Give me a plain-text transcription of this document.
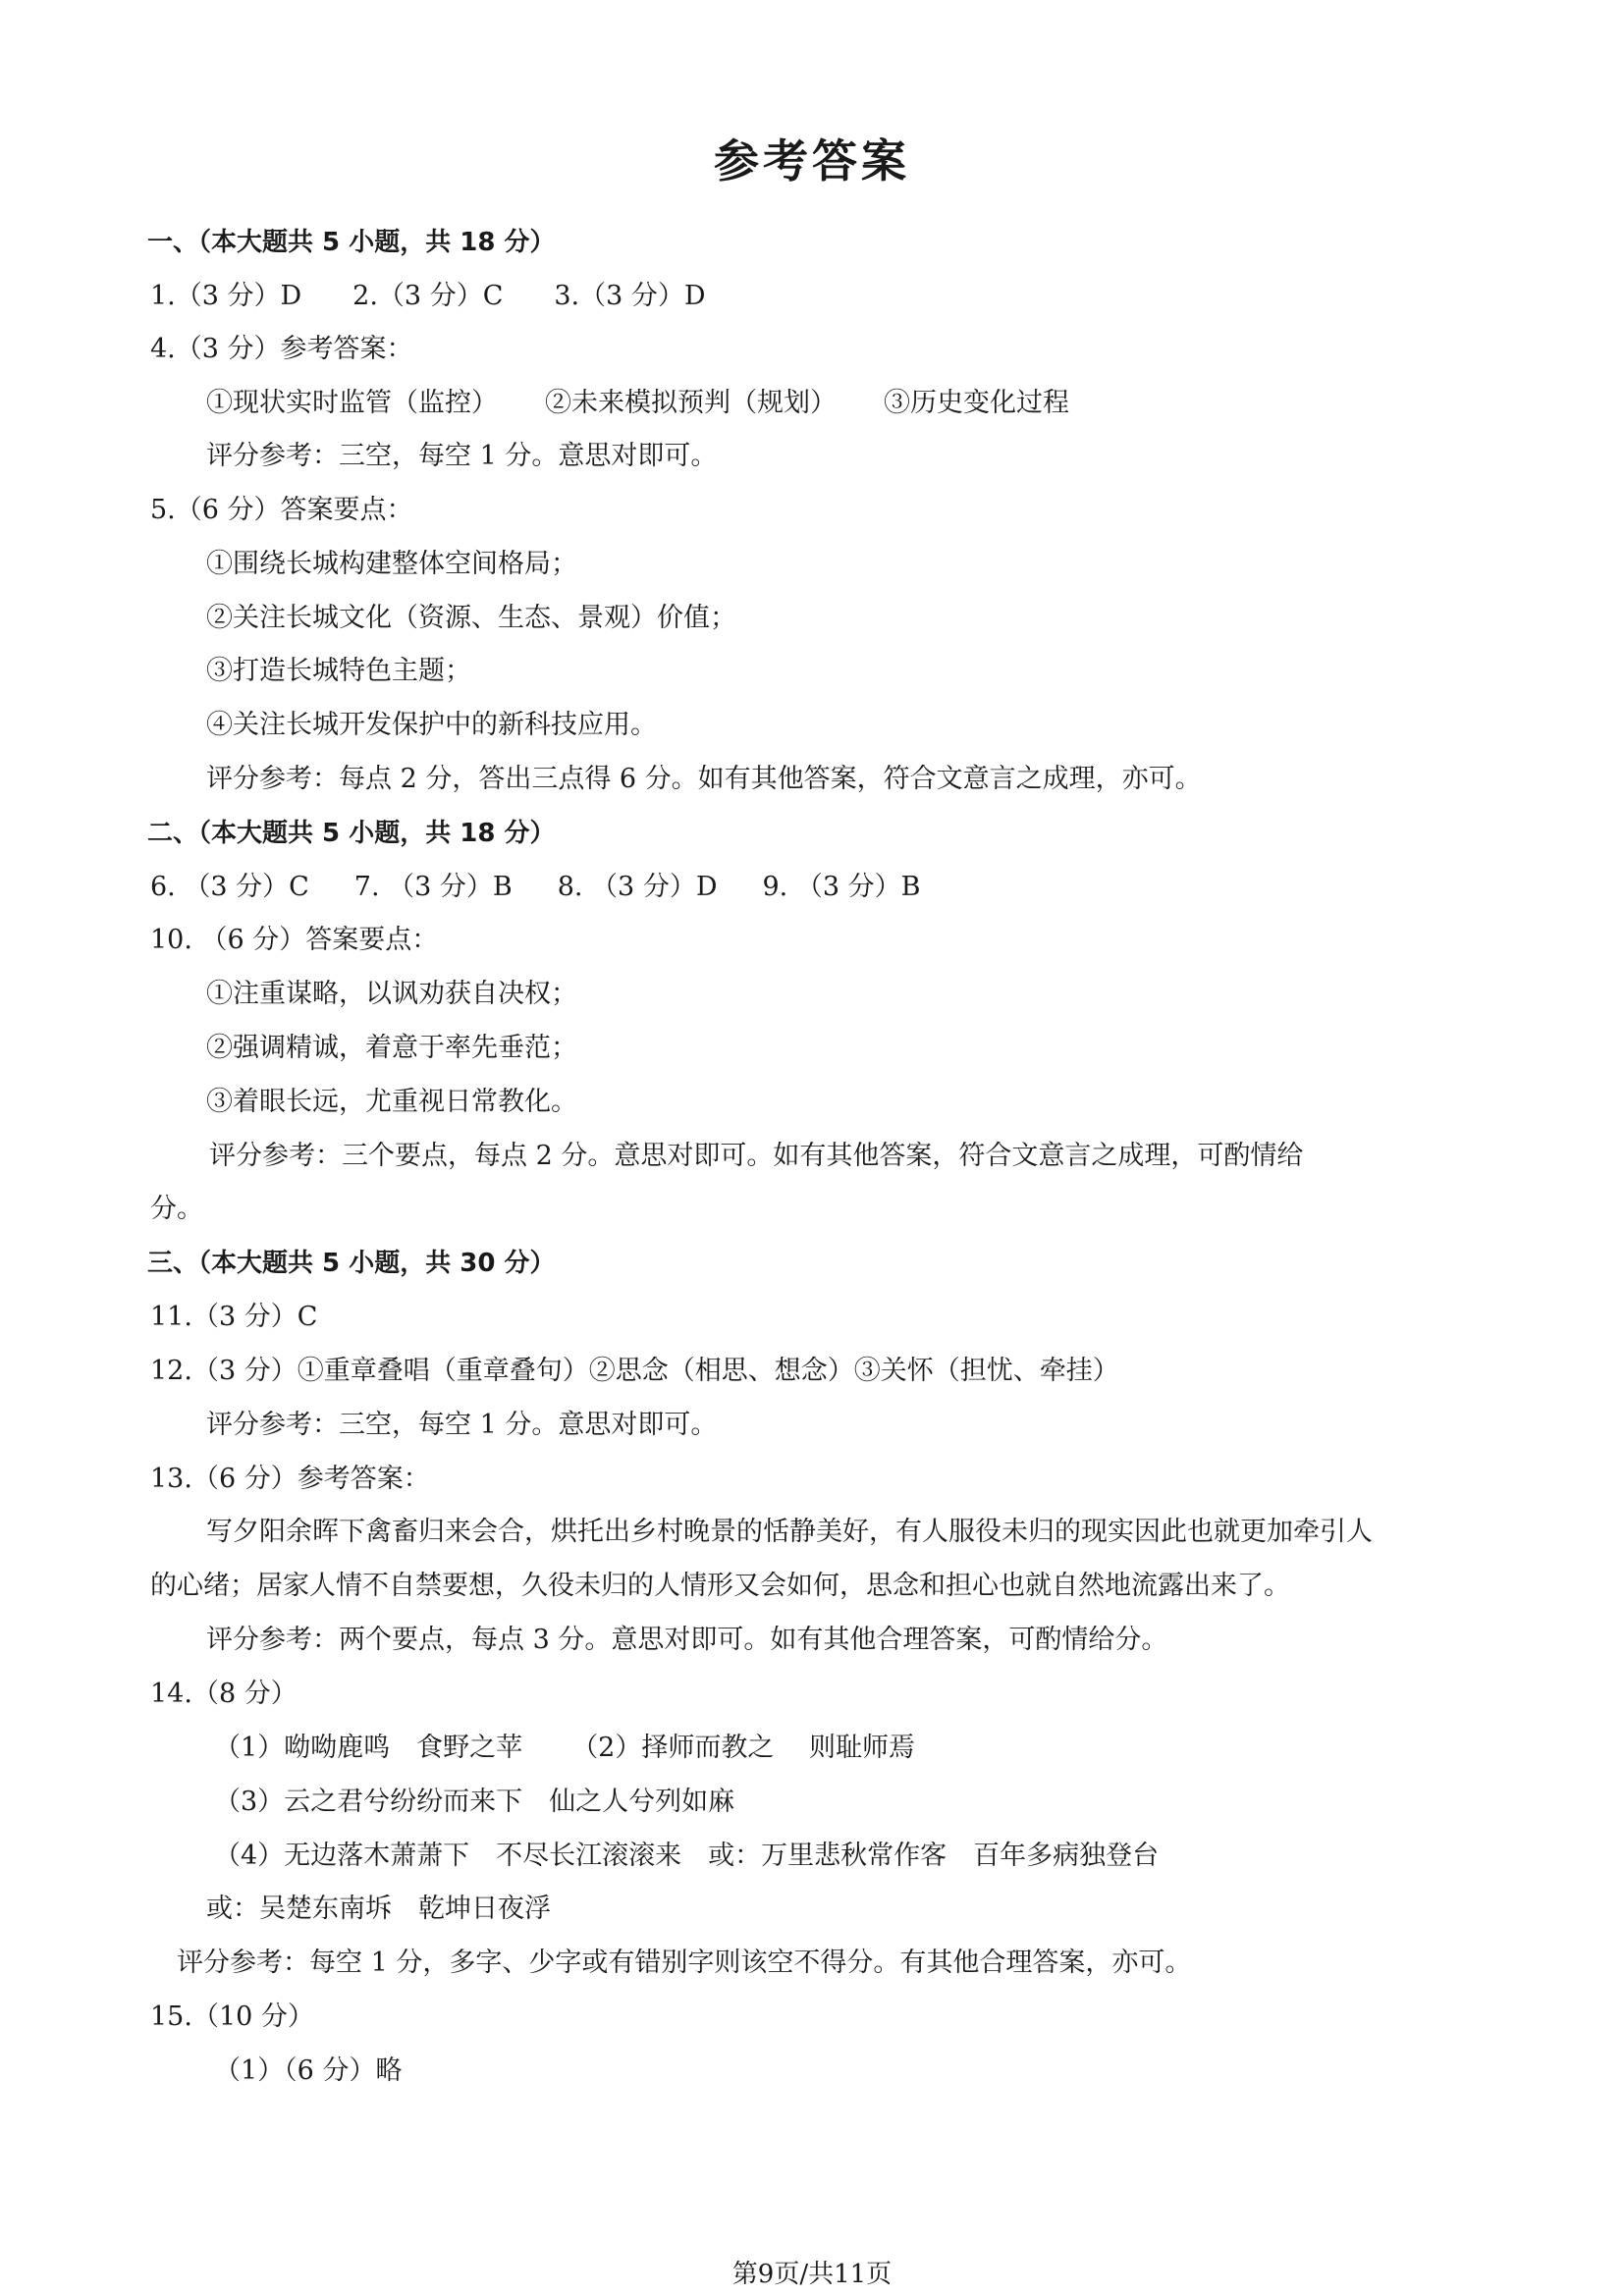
参考答案
一、（本大题共 5 小题，共 18 分）
1.（3 分）D 2.（3 分）C 3.（3 分）D
4.（3 分）参考答案：
①现状实时监管（监控） ②未来模拟预判（规划） ③历史变化过程
评分参考：三空，每空 1 分。意思对即可。
5.（6 分）答案要点：
①围绕长城构建整体空间格局；
②关注长城文化（资源、生态、景观）价值；
③打造长城特色主题；
④关注长城开发保护中的新科技应用。
评分参考：每点 2 分，答出三点得 6 分。如有其他答案，符合文意言之成理，亦可。
二、（本大题共 5 小题，共 18 分）
6. （3 分）C 7. （3 分）B 8. （3 分）D 9. （3 分）B
10. （6 分）答案要点：
①注重谋略，以讽劝获自决权；
②强调精诚，着意于率先垂范；
③着眼长远，尤重视日常教化。
评分参考：三个要点，每点 2 分。意思对即可。如有其他答案，符合文意言之成理，可酌情给
分。
三、（本大题共 5 小题，共 30 分）
11.（3 分）C
12.（3 分）①重章叠唱（重章叠句）②思念（相思、想念）③关怀（担忧、牵挂）
评分参考：三空，每空 1 分。意思对即可。
13.（6 分）参考答案：
写夕阳余晖下禽畜归来会合，烘托出乡村晚景的恬静美好，有人服役未归的现实因此也就更加牵引人
的心绪；居家人情不自禁要想，久役未归的人情形又会如何，思念和担心也就自然地流露出来了。
评分参考：两个要点，每点 3 分。意思对即可。如有其他合理答案，可酌情给分。
14.（8 分）
（1）呦呦鹿鸣　食野之苹 （2）择师而教之　 则耻师焉
（3）云之君兮纷纷而来下　仙之人兮列如麻
（4）无边落木萧萧下　不尽长江滚滚来　或：万里悲秋常作客　百年多病独登台
或：吴楚东南坼　乾坤日夜浮
评分参考：每空 1 分，多字、少字或有错别字则该空不得分。有其他合理答案，亦可。
15.（10 分）
（1）（6 分）略
第9页/共11页
